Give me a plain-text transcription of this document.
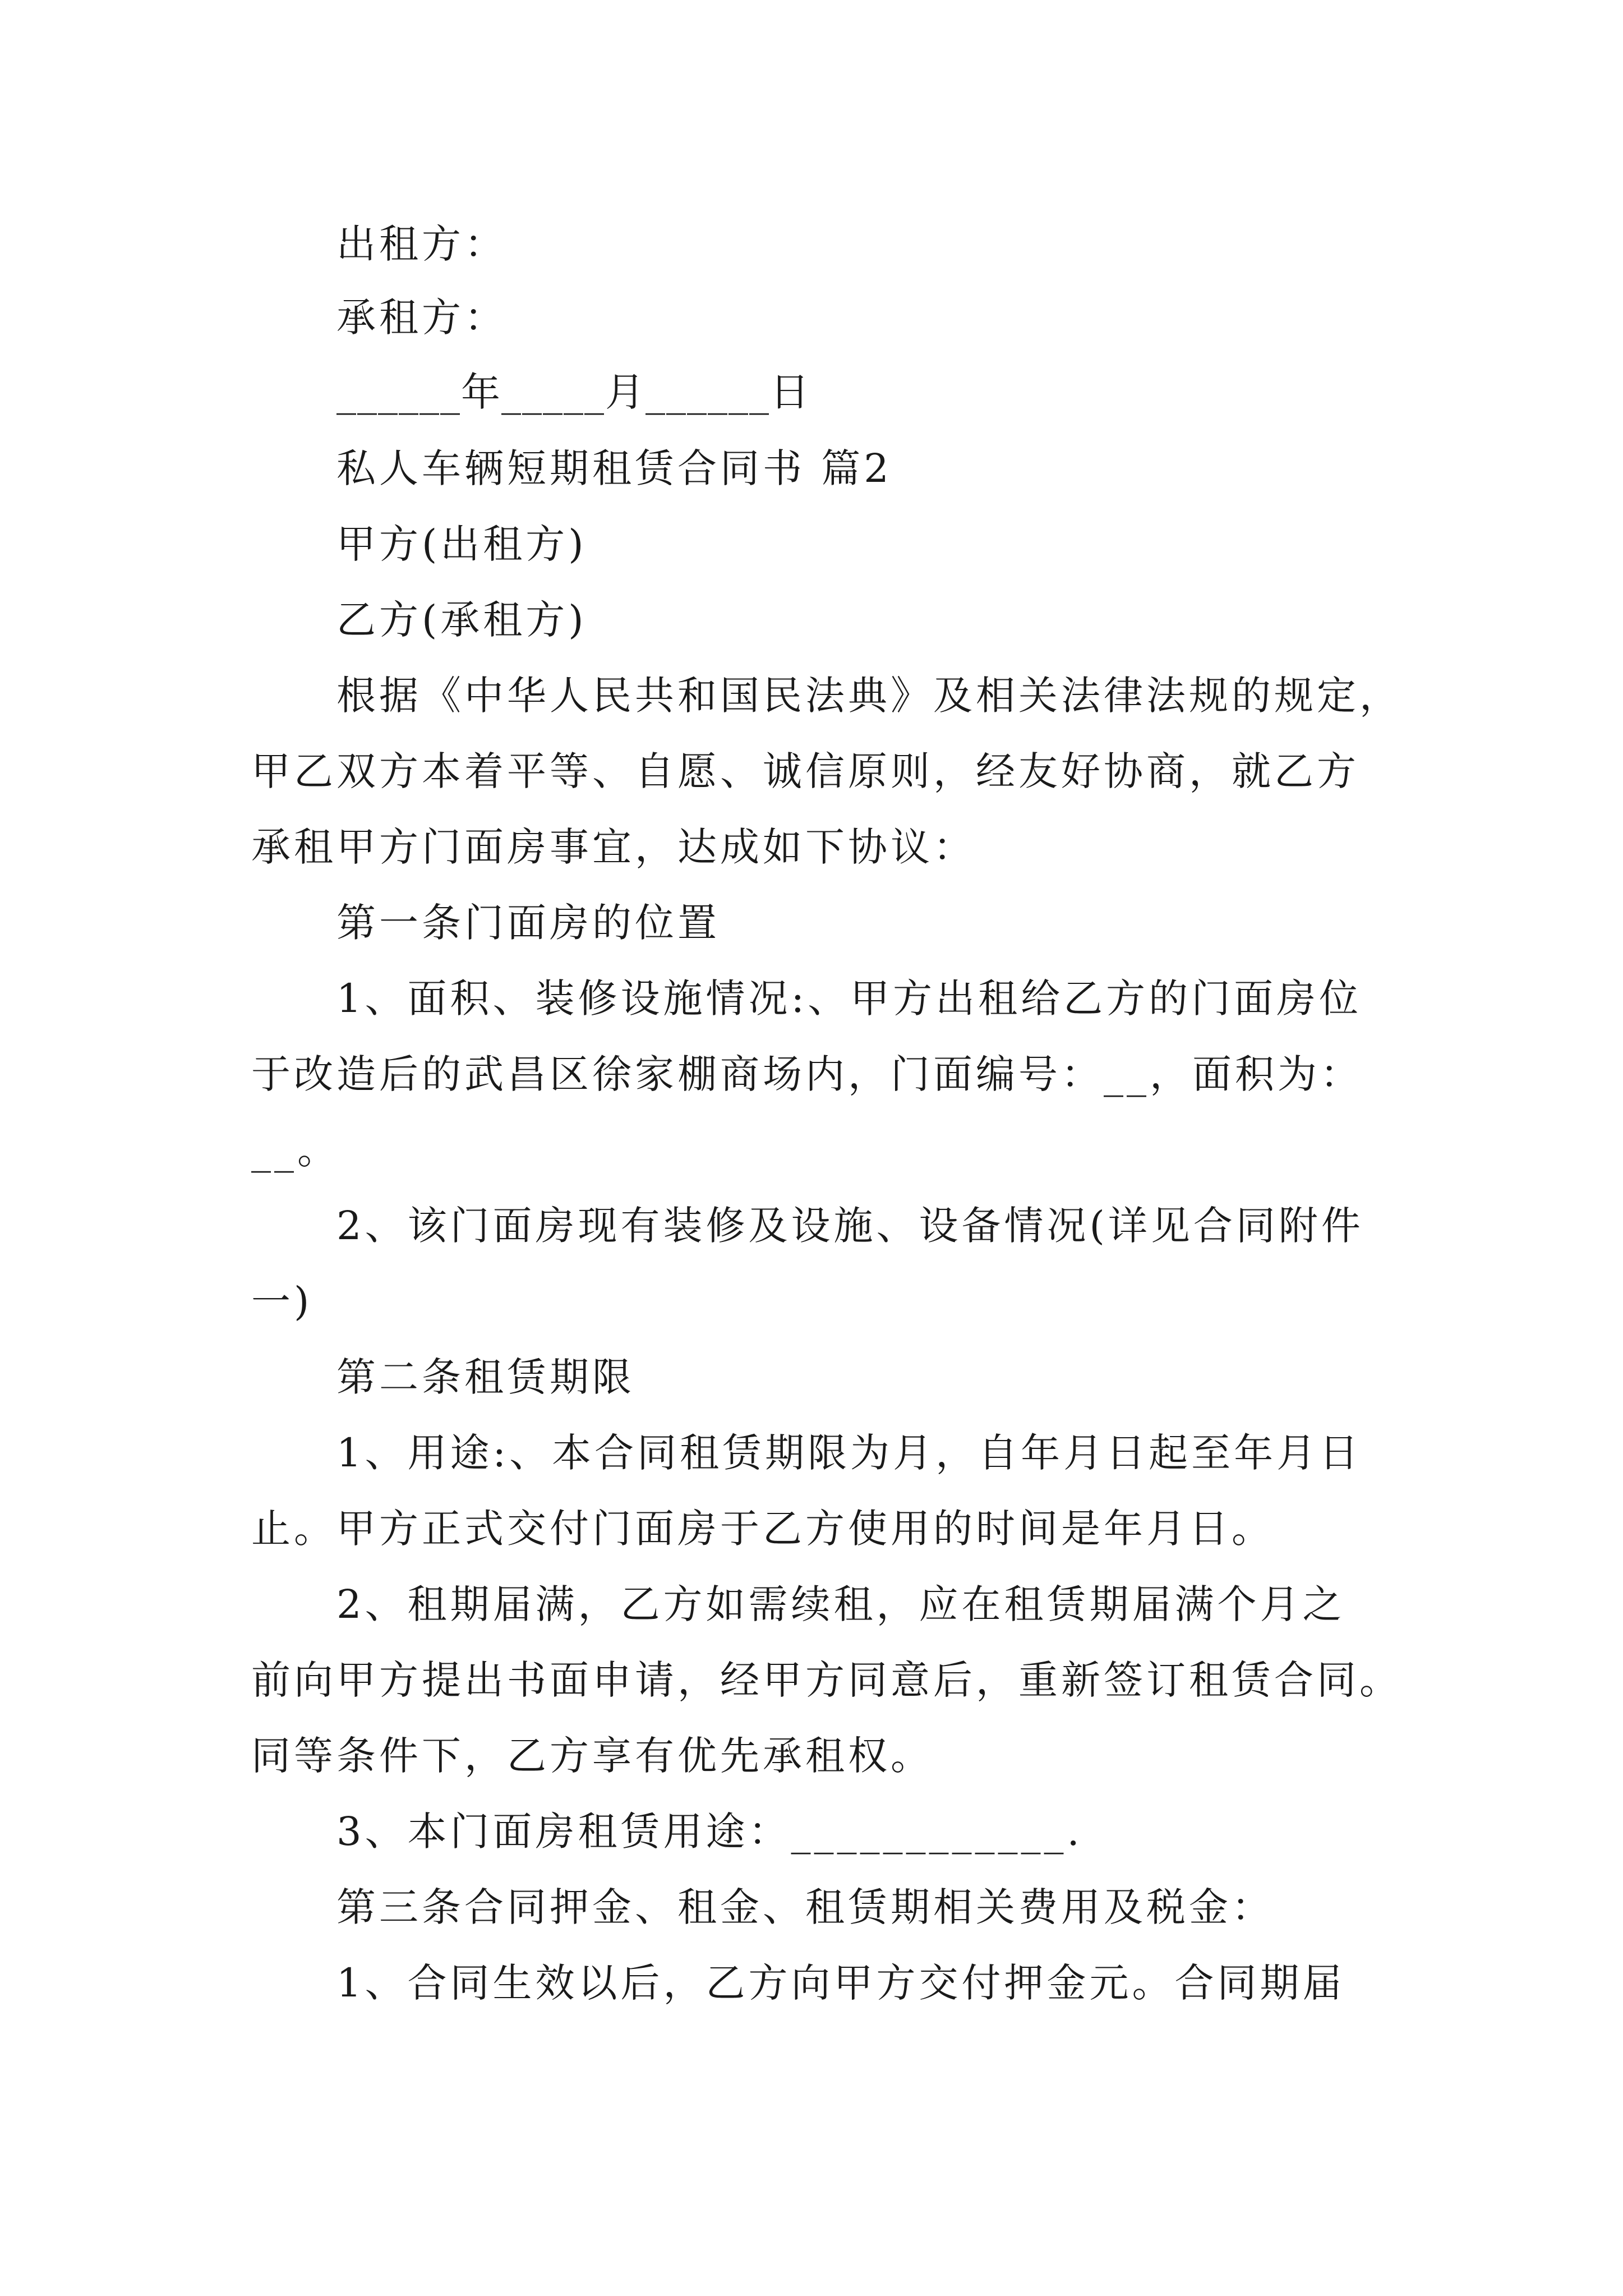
出租方：
承租方：
______年_____月______日
私人车辆短期租赁合同书 篇2
甲方(出租方)
乙方(承租方)
根据《中华人民共和国民法典》及相关法律法规的规定，
甲乙双方本着平等、自愿、诚信原则，经友好协商，就乙方
承租甲方门面房事宜，达成如下协议：
第一条门面房的位置
1、面积、装修设施情况:、甲方出租给乙方的门面房位
于改造后的武昌区徐家棚商场内，门面编号：__，面积为：
__。
2、该门面房现有装修及设施、设备情况(详见合同附件
一)
第二条租赁期限
1、用途:、本合同租赁期限为月，自年月日起至年月日
止。甲方正式交付门面房于乙方使用的时间是年月日。
2、租期届满，乙方如需续租，应在租赁期届满个月之
前向甲方提出书面申请，经甲方同意后，重新签订租赁合同。
同等条件下，乙方享有优先承租权。
3、本门面房租赁用途：____________.
第三条合同押金、租金、租赁期相关费用及税金：
1、合同生效以后，乙方向甲方交付押金元。合同期届
